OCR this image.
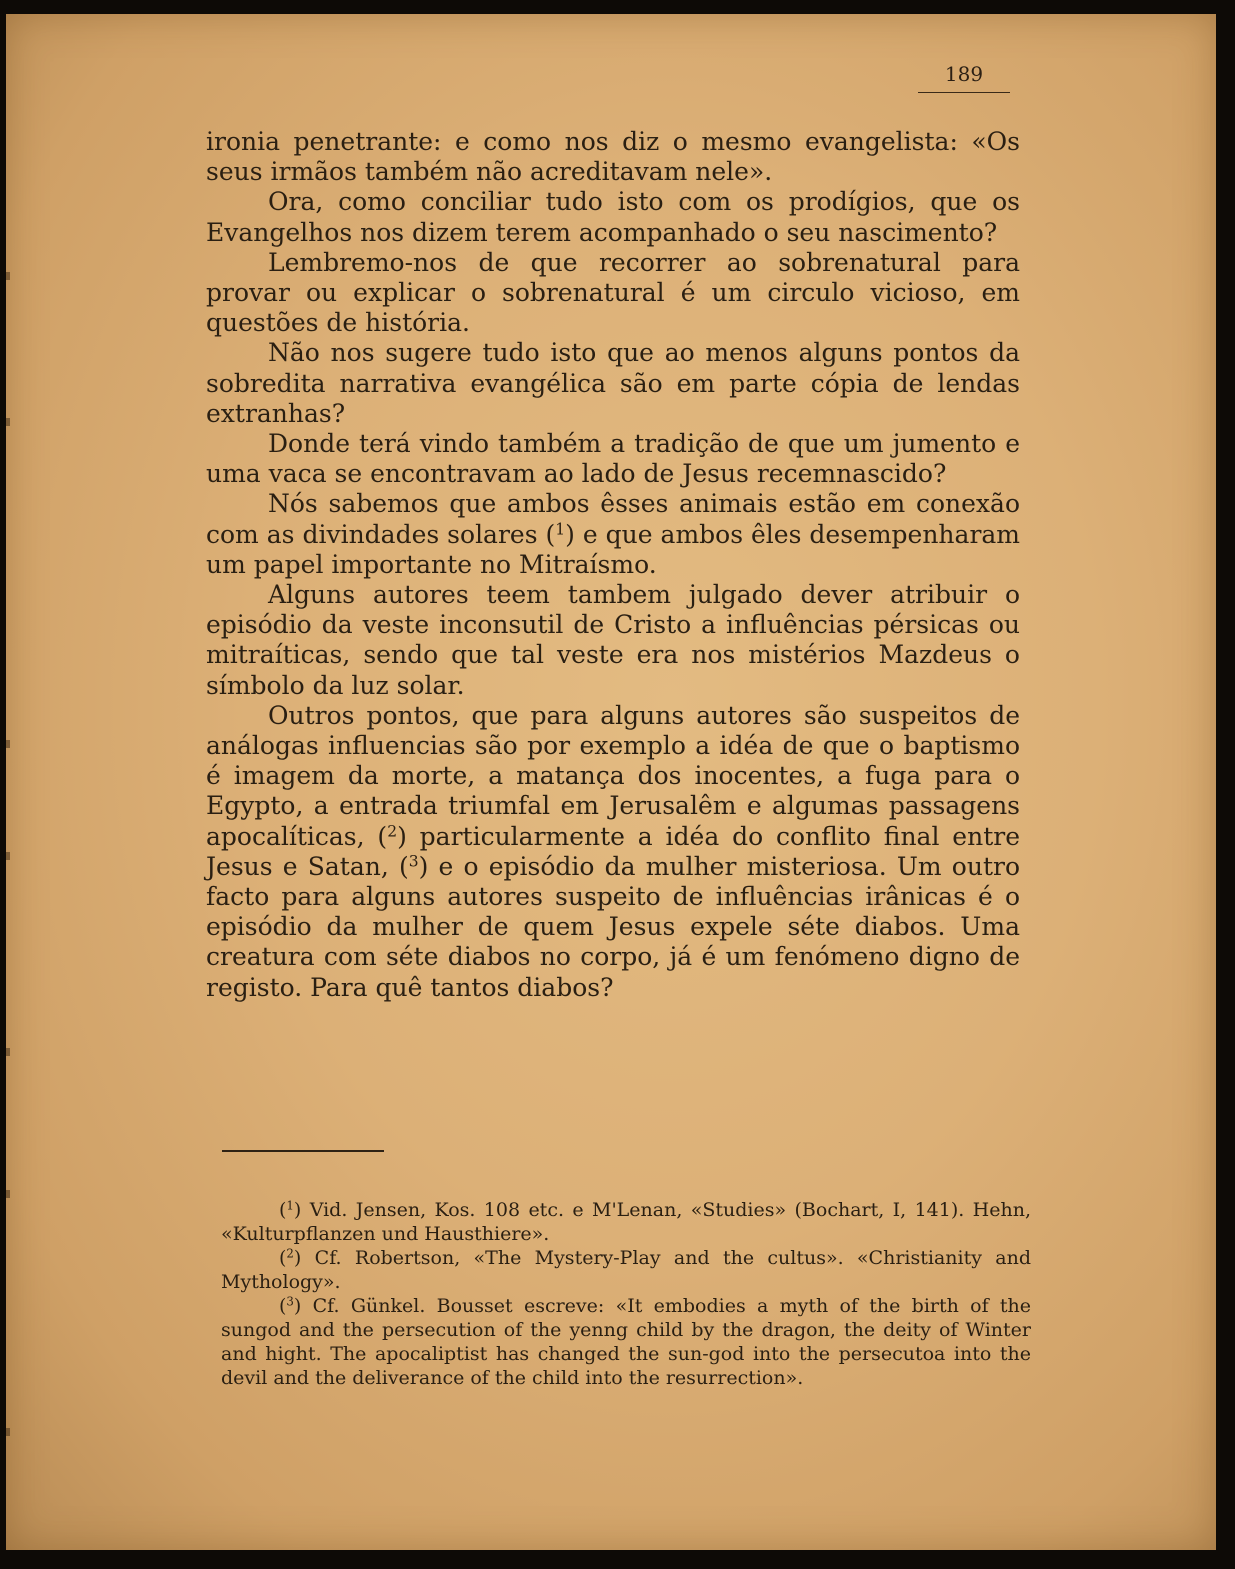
189

ironia penetrante: e como nos diz o mesmo evangelista: «Os seus irmãos também não acreditavam nele».

Ora, como conciliar tudo isto com os prodígios, que os Evangelhos nos dizem terem acompanhado o seu nascimento?

Lembremo-nos de que recorrer ao sobrenatural para provar ou explicar o sobrenatural é um circulo vicioso, em questões de história.

Não nos sugere tudo isto que ao menos alguns pontos da sobredita narrativa evangélica são em parte cópia de lendas extranhas?

Donde terá vindo também a tradição de que um jumento e uma vaca se encontravam ao lado de Jesus recemnascido?

Nós sabemos que ambos êsses animais estão em conexão com as divindades solares ($^1$) e que ambos êles desempenharam um papel importante no Mitraísmo.

Alguns autores teem tambem julgado dever atribuir o episódio da veste inconsutil de Cristo a influências pérsicas ou mitraíticas, sendo que tal veste era nos mistérios Mazdeus o símbolo da luz solar.

Outros pontos, que para alguns autores são suspeitos de análogas influencias são por exemplo a idéa de que o baptismo é imagem da morte, a matança dos inocentes, a fuga para o Egypto, a entrada triumfal em Jerusalêm e algumas passagens apocalíticas, ($^2$) particularmente a idéa do conflito final entre Jesus e Satan, ($^3$) e o episódio da mulher misteriosa. Um outro facto para alguns autores suspeito de influências irânicas é o episódio da mulher de quem Jesus expele séte diabos. Uma creatura com séte diabos no corpo, já é um fenómeno digno de registo. Para quê tantos diabos?

($^1$) Vid. Jensen, Kos. 108 etc. e M'Lenan, «Studies» (Bochart, I, 141). Hehn, «Kulturpflanzen und Hausthiere».

($^2$) Cf. Robertson, «The Mystery-Play and the cultus». «Christianity and Mythology».

($^3$) Cf. Günkel. Bousset escreve: «It embodies a myth of the birth of the sungod and the persecution of the yenng child by the dragon, the deity of Winter and hight. The apocaliptist has changed the sun-god into the persecutoa into the devil and the deliverance of the child into the resurrection».
